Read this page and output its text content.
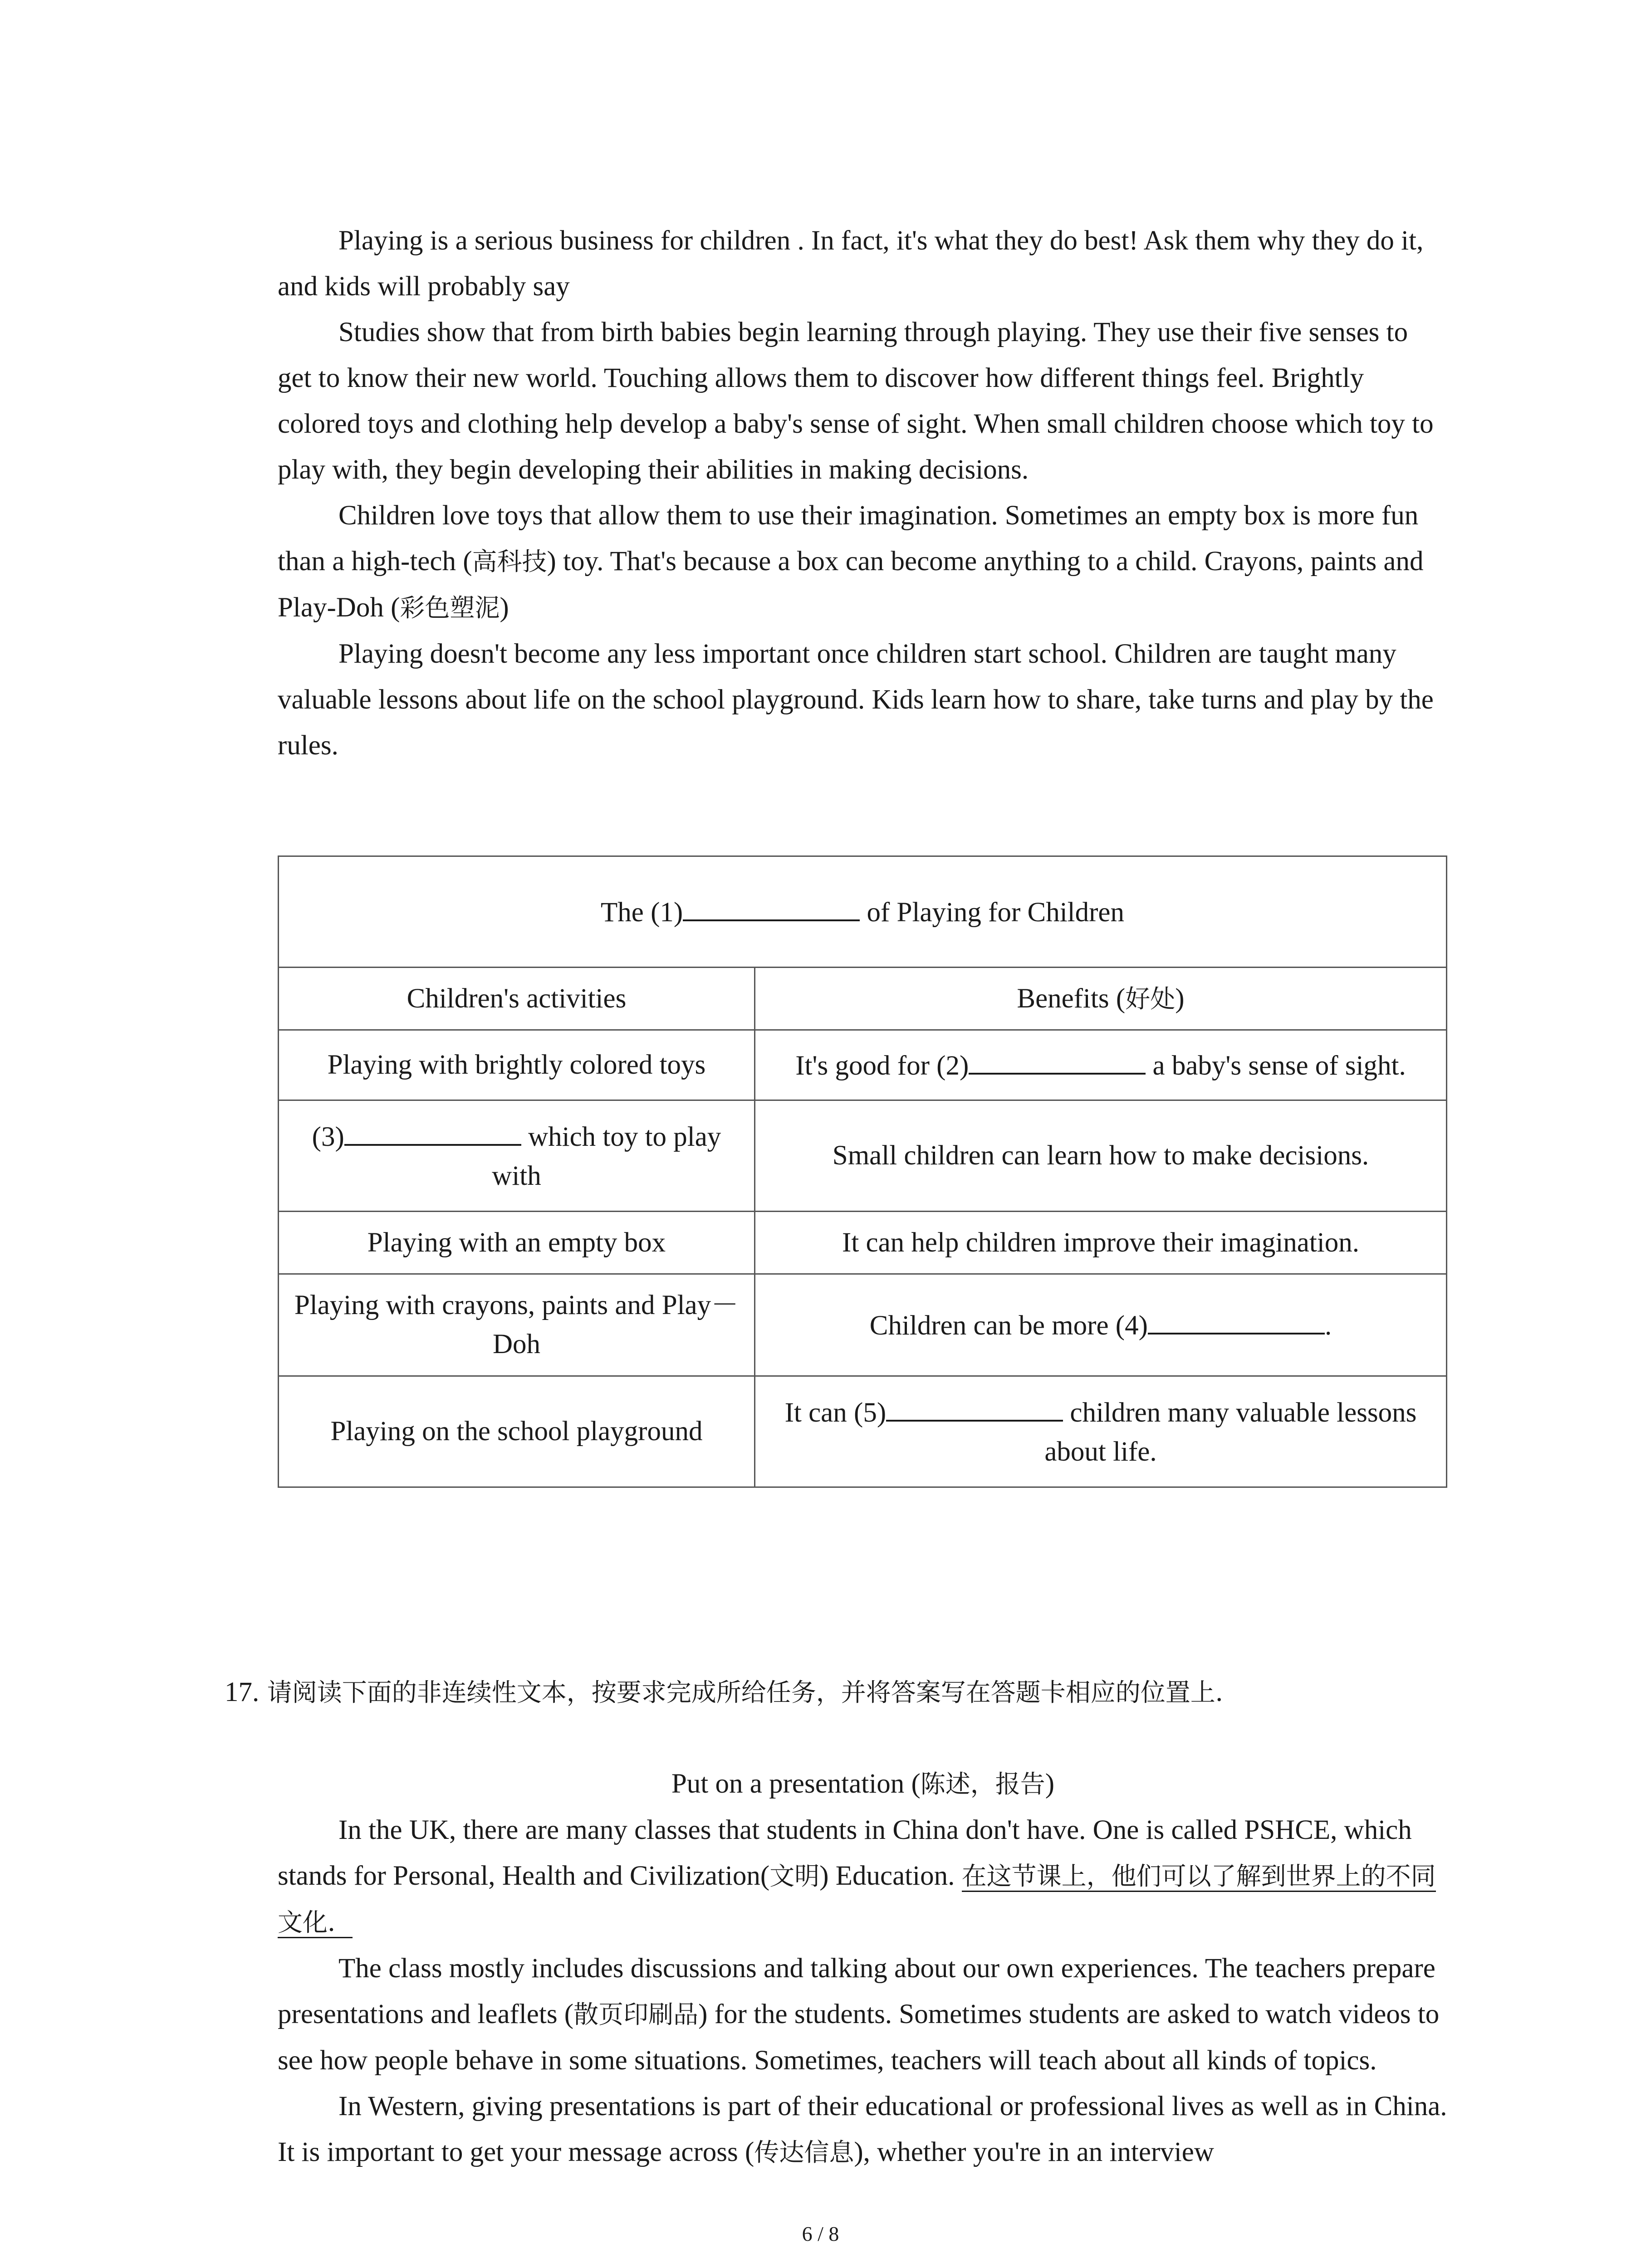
Playing is a serious business for children . In fact, it's what they do best! Ask them why they do it, and kids will probably say

Studies show that from birth babies begin learning through playing. They use their five senses to get to know their new world. Touching allows them to discover how different things feel. Brightly colored toys and clothing help develop a baby's sense of sight. When small children choose which toy to play with, they begin developing their abilities in making decisions.

Children love toys that allow them to use their imagination. Sometimes an empty box is more fun than a high-tech (高科技) toy. That's because a box can become anything to a child. Crayons, paints and Play-Doh (彩色塑泥)

Playing doesn't become any less important once children start school. Children are taught many valuable lessons about life on the school playground. Kids learn how to share, take turns and play by the rules.

The (1) of Playing for Children	
Children's activities	Benefits (好处)
Playing with brightly colored toys	It's good for (2) a baby's sense of sight.
(3) which toy to play with	Small children can learn how to make decisions.
Playing with an empty box	It can help children improve their imagination.
Playing with crayons, paints and Play－Doh	Children can be more (4) .
Playing on the school playground	It can (5) children many valuable lessons about life.

17. 请阅读下面的非连续性文本，按要求完成所给任务，并将答案写在答题卡相应的位置上．

Put on a presentation (陈述，报告)

In the UK, there are many classes that students in China don't have. One is called PSHCE, which stands for Personal, Health and Civilization(文明) Education. 在这节课上，他们可以了解到世界上的不同文化．

The class mostly includes discussions and talking about our own experiences. The teachers prepare presentations and leaflets (散页印刷品) for the students. Sometimes students are asked to watch videos to see how people behave in some situations. Sometimes, teachers will teach about all kinds of topics.

In Western, giving presentations is part of their educational or professional lives as well as in China. It is important to get your message across (传达信息), whether you're in an interview

6 / 8
